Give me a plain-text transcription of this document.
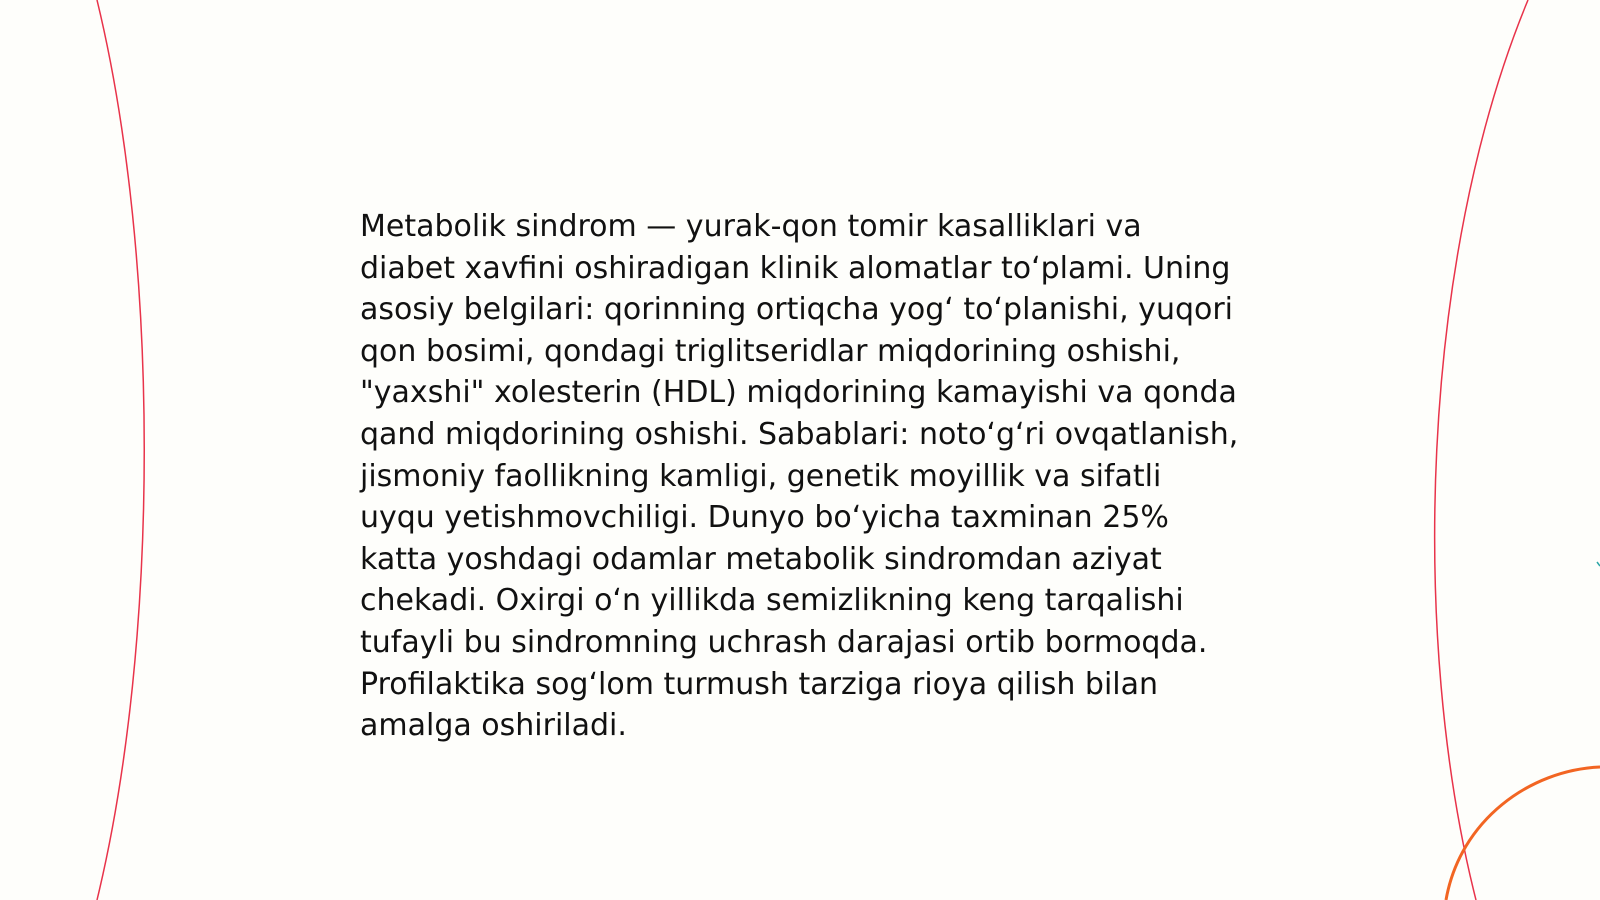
Metabolik sindrom — yurak-qon tomir kasalliklari va diabet xavfini oshiradigan klinik alomatlar to‘plami. Uning asosiy belgilari: qorinning ortiqcha yog‘ to‘planishi, yuqori qon bosimi, qondagi triglitseridlar miqdorining oshishi, "yaxshi" xolesterin (HDL) miqdorining kamayishi va qonda qand miqdorining oshishi. Sabablari: noto‘g‘ri ovqatlanish, jismoniy faollikning kamligi, genetik moyillik va sifatli uyqu yetishmovchiligi. Dunyo bo‘yicha taxminan 25% katta yoshdagi odamlar metabolik sindromdan aziyat chekadi. Oxirgi o‘n yillikda semizlikning keng tarqalishi tufayli bu sindromning uchrash darajasi ortib bormoqda. Profilaktika sog‘lom turmush tarziga rioya qilish bilan amalga oshiriladi.
